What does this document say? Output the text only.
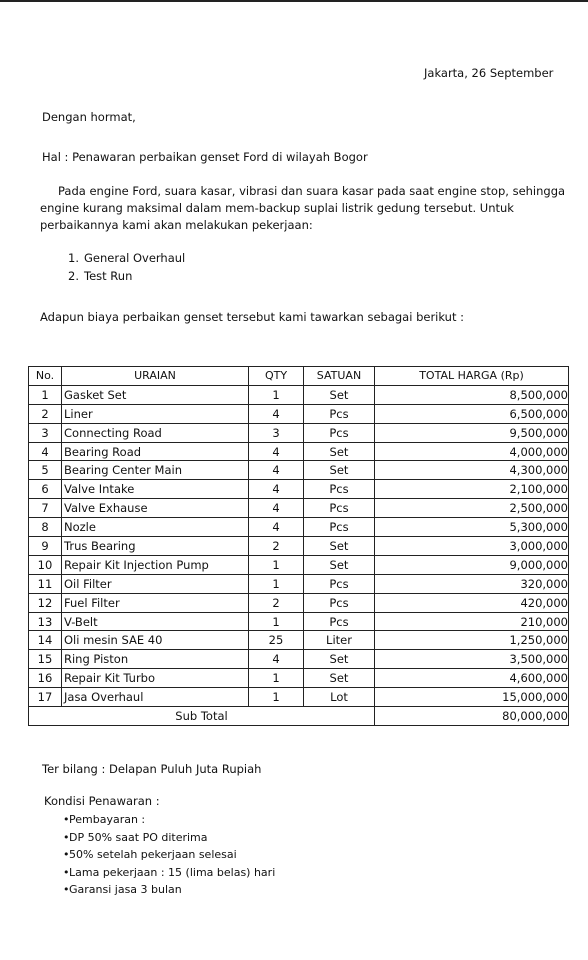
Jakarta, 26 September
Dengan hormat,
Hal : Penawaran perbaikan genset Ford di wilayah Bogor
Pada engine Ford, suara kasar, vibrasi dan suara kasar pada saat engine stop, sehingga engine kurang maksimal dalam mem-backup suplai listrik gedung tersebut. Untuk perbaikannya kami akan melakukan pekerjaan:
1. General Overhaul
2. Test Run
Adapun biaya perbaikan genset tersebut kami tawarkan sebagai berikut :
No.	URAIAN	QTY	SATUAN	TOTAL HARGA (Rp)
1	Gasket Set	1	Set	8,500,000
2	Liner	4	Pcs	6,500,000
3	Connecting Road	3	Pcs	9,500,000
4	Bearing Road	4	Set	4,000,000
5	Bearing Center Main	4	Set	4,300,000
6	Valve Intake	4	Pcs	2,100,000
7	Valve Exhause	4	Pcs	2,500,000
8	Nozle	4	Pcs	5,300,000
9	Trus Bearing	2	Set	3,000,000
10	Repair Kit Injection Pump	1	Set	9,000,000
11	Oil Filter	1	Pcs	320,000
12	Fuel Filter	2	Pcs	420,000
13	V-Belt	1	Pcs	210,000
14	Oli mesin SAE 40	25	Liter	1,250,000
15	Ring Piston	4	Set	3,500,000
16	Repair Kit Turbo	1	Set	4,600,000
17	Jasa Overhaul	1	Lot	15,000,000
Sub Total				80,000,000
Ter bilang : Delapan Puluh Juta Rupiah
Kondisi Penawaran :
•Pembayaran :
•DP 50% saat PO diterima
•50% setelah pekerjaan selesai
•Lama pekerjaan : 15 (lima belas) hari
•Garansi jasa 3 bulan
